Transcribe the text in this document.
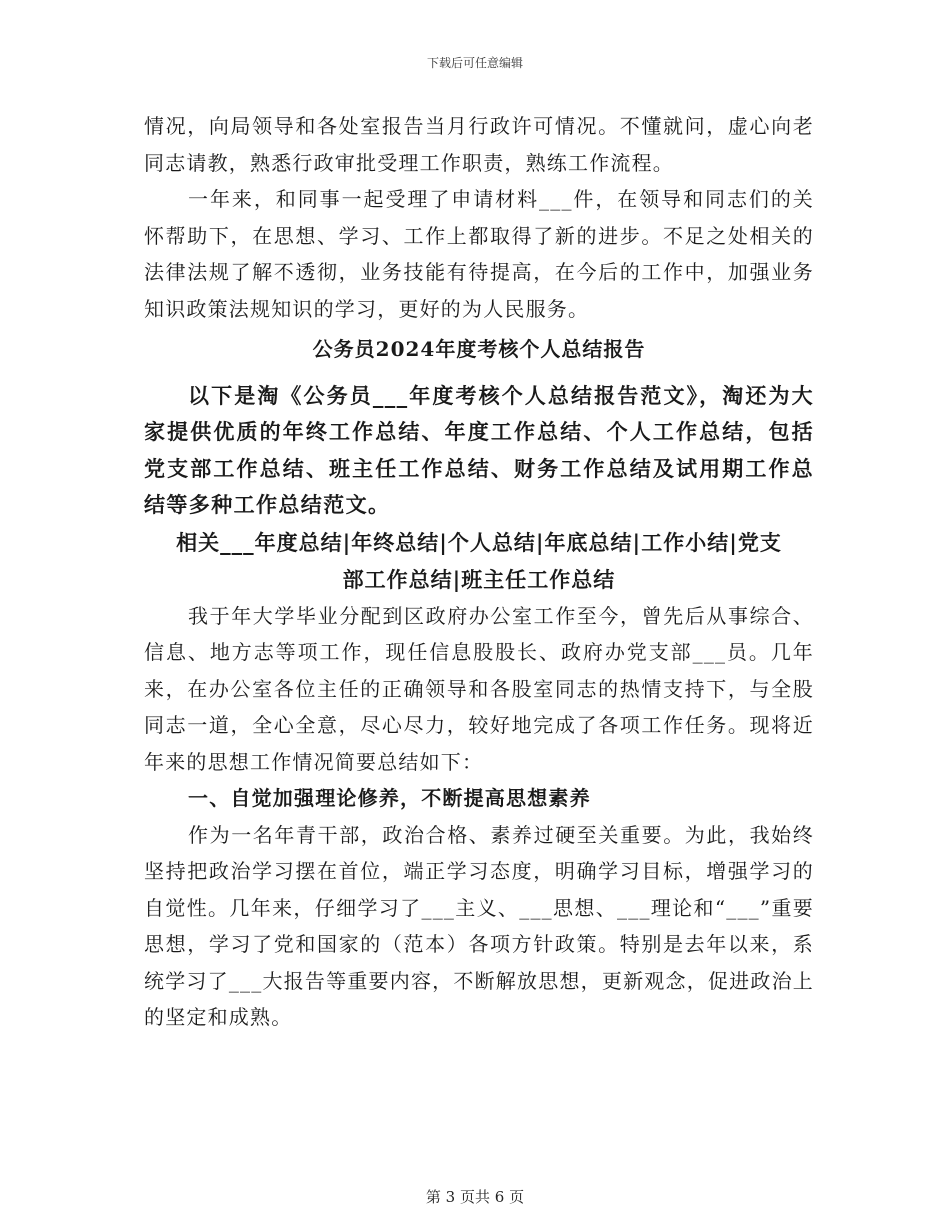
下载后可任意编辑

情况，向局领导和各处室报告当月行政许可情况。不懂就问，虚心向老同志请教，熟悉行政审批受理工作职责，熟练工作流程。

一年来，和同事一起受理了申请材料___件，在领导和同志们的关怀帮助下，在思想、学习、工作上都取得了新的进步。不足之处相关的法律法规了解不透彻，业务技能有待提高，在今后的工作中，加强业务知识政策法规知识的学习，更好的为人民服务。

公务员2024年度考核个人总结报告

以下是淘《公务员___年度考核个人总结报告范文》，淘还为大家提供优质的年终工作总结、年度工作总结、个人工作总结，包括党支部工作总结、班主任工作总结、财务工作总结及试用期工作总结等多种工作总结范文。

相关___年度总结|年终总结|个人总结|年底总结|工作小结|党支

部工作总结|班主任工作总结

我于年大学毕业分配到区政府办公室工作至今，曾先后从事综合、信息、地方志等项工作，现任信息股股长、政府办党支部___员。几年来，在办公室各位主任的正确领导和各股室同志的热情支持下，与全股同志一道，全心全意，尽心尽力，较好地完成了各项工作任务。现将近年来的思想工作情况简要总结如下：

一、自觉加强理论修养，不断提高思想素养

作为一名年青干部，政治合格、素养过硬至关重要。为此，我始终坚持把政治学习摆在首位，端正学习态度，明确学习目标，增强学习的自觉性。几年来，仔细学习了___主义、___思想、___理论和“___”重要思想，学习了党和国家的（范本）各项方针政策。特别是去年以来，系统学习了___大报告等重要内容，不断解放思想，更新观念，促进政治上的坚定和成熟。

第 3 页共 6 页
